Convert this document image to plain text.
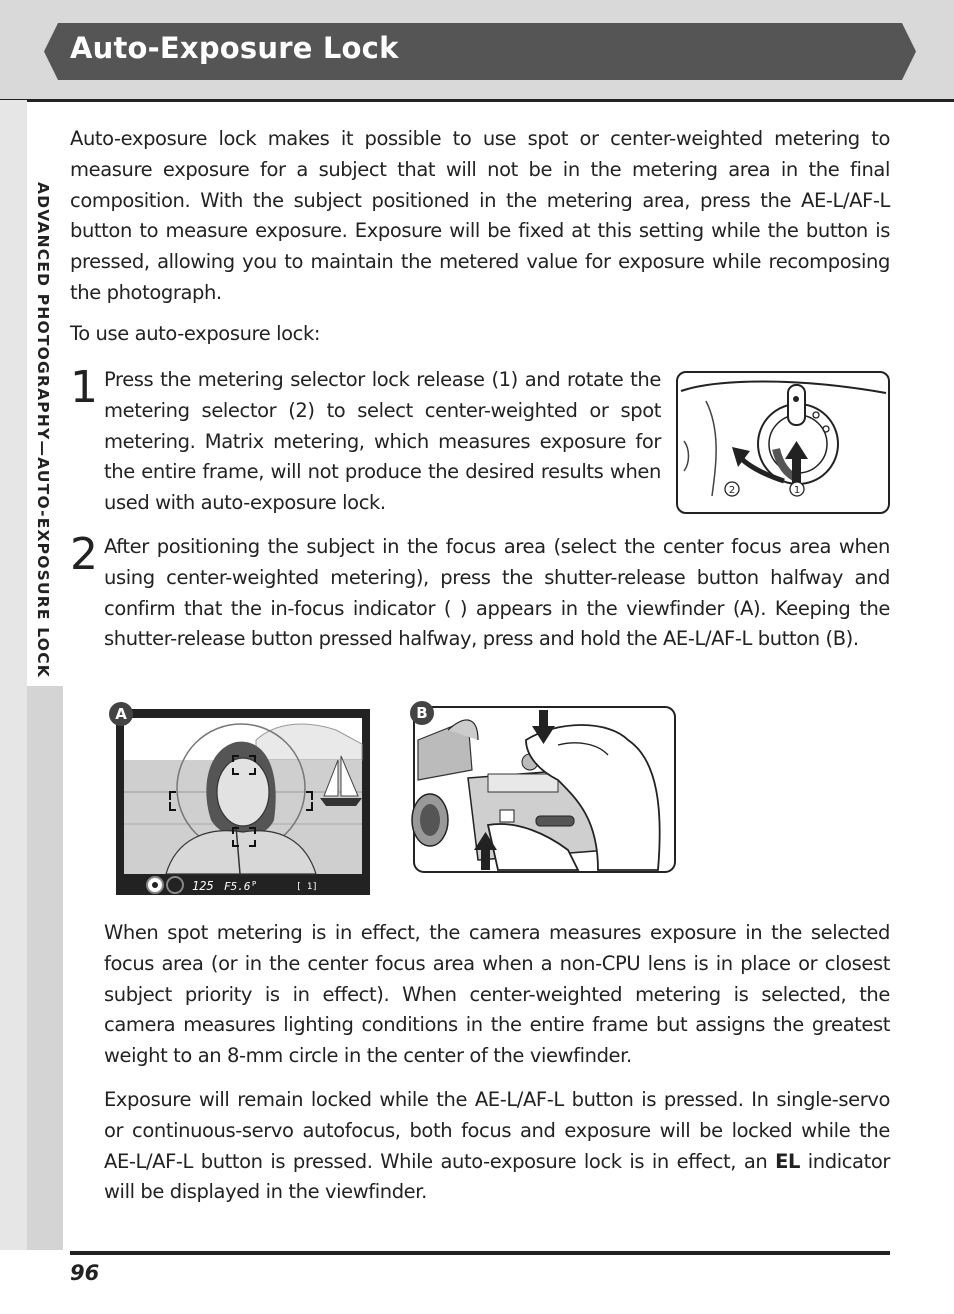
Auto-Exposure Lock
ADVANCED PHOTOGRAPHY—AUTO-EXPOSURE LOCK

Auto-exposure lock makes it possible to use spot or center-weighted metering to measure exposure for a subject that will not be in the metering area in the final composition. With the subject positioned in the metering area, press the AE-L/AF-L button to measure exposure. Exposure will be fixed at this setting while the button is pressed, allowing you to maintain the metered value for exposure while recomposing the photograph.

To use auto-exposure lock:

1 Press the metering selector lock release (1) and rotate the metering selector (2) to select center-weighted or spot metering. Matrix metering, which measures exposure for the entire frame, will not produce the desired results when used with auto-exposure lock.

2	1
2 After positioning the subject in the focus area (select the center focus area when using center-weighted metering), press the shutter-release button halfway and confirm that the in-focus indicator ( ) appears in the viewfinder (A). Keeping the shutter-release button pressed halfway, press and hold the AE-L/AF-L button (B).

125 F5.6 P	[ 1]
A	B

When spot metering is in effect, the camera measures exposure in the selected focus area (or in the center focus area when a non-CPU lens is in place or closest subject priority is in effect). When center-weighted metering is selected, the camera measures lighting conditions in the entire frame but assigns the greatest weight to an 8-mm circle in the center of the viewfinder.

Exposure will remain locked while the AE-L/AF-L button is pressed. In single-servo or continuous-servo autofocus, both focus and exposure will be locked while the AE-L/AF-L button is pressed. While auto-exposure lock is in effect, an EL indicator will be displayed in the viewfinder.

96
